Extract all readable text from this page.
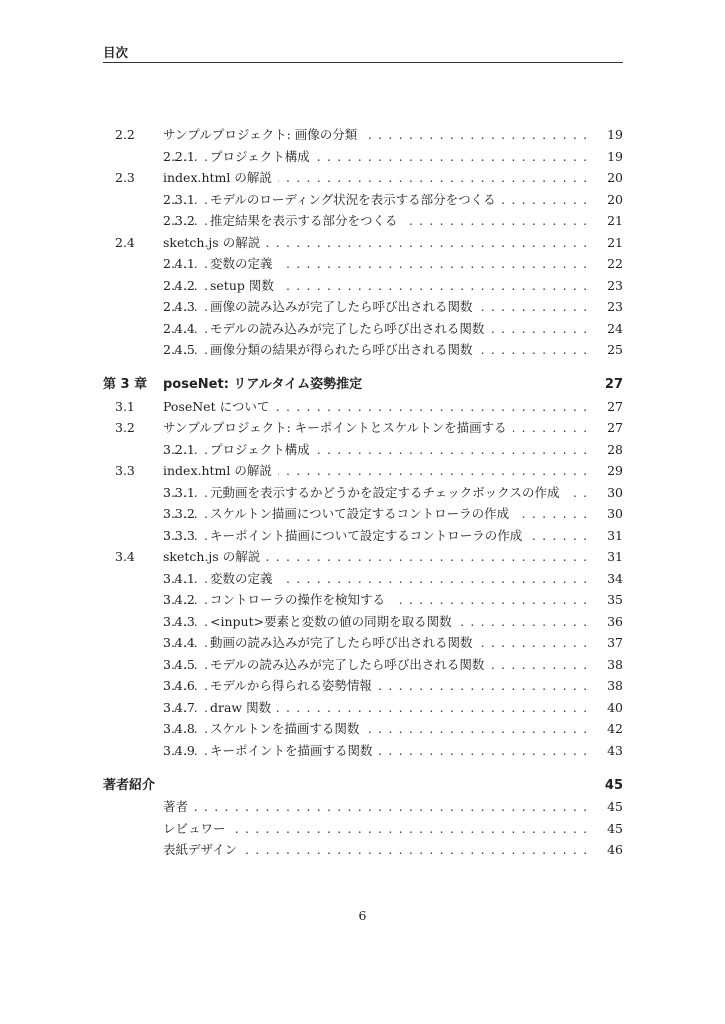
目次
2.2 . . . サンプルプロジェクト: 画像の分類	19
2.2.1 . . . プロジェクト構成	19
2.3 . . . index.html の解説	20
2.3.1 . . . モデルのローディング状況を表示する部分をつくる	20
2.3.2 . . . 推定結果を表示する部分をつくる	21
2.4 . . . sketch.js の解説	21
2.4.1 . . . 変数の定義	22
2.4.2 . . . setup 関数	23
2.4.3 . . . 画像の読み込みが完了したら呼び出される関数	23
2.4.4 . . . モデルの読み込みが完了したら呼び出される関数	24
2.4.5 . . . 画像分類の結果が得られたら呼び出される関数	25
第 3 章 poseNet: リアルタイム姿勢推定	27
3.1 . . . PoseNet について	27
3.2 . . . サンプルプロジェクト: キーポイントとスケルトンを描画する	27
3.2.1 . . . プロジェクト構成	28
3.3 . . . index.html の解説	29
3.3.1 . . . 元動画を表示するかどうかを設定するチェックボックスの作成	30
3.3.2 . . . スケルトン描画について設定するコントローラの作成	30
3.3.3 . . . キーポイント描画について設定するコントローラの作成	31
3.4 . . . sketch.js の解説	31
3.4.1 . . . 変数の定義	34
3.4.2 . . . コントローラの操作を検知する	35
3.4.3 . . . <input>要素と変数の値の同期を取る関数	36
3.4.4 . . . 動画の読み込みが完了したら呼び出される関数	37
3.4.5 . . . モデルの読み込みが完了したら呼び出される関数	38
3.4.6 . . . モデルから得られる姿勢情報	38
3.4.7 . . . draw 関数	40
3.4.8 . . . スケルトンを描画する関数	42
3.4.9 . . . キーポイントを描画する関数	43
著者紹介	45
. . .
著者	45
. . .
レビュワー	45
. . .
表紙デザイン	46
6
